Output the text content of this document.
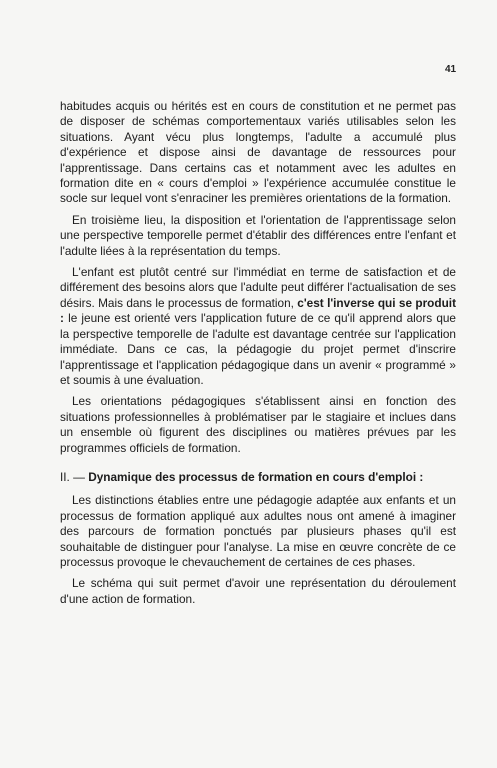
41

habitudes acquis ou hérités est en cours de constitution et ne permet pas de disposer de schémas comportementaux variés utilisables selon les situations. Ayant vécu plus longtemps, l'adulte a accumulé plus d'expérience et dispose ainsi de davantage de ressources pour l'apprentissage. Dans certains cas et notamment avec les adultes en formation dite en « cours d'emploi » l'expérience accumulée constitue le socle sur lequel vont s'enraciner les premières orientations de la formation.

En troisième lieu, la disposition et l'orientation de l'apprentissage selon une perspective temporelle permet d'établir des différences entre l'enfant et l'adulte liées à la représentation du temps.

L'enfant est plutôt centré sur l'immédiat en terme de satisfaction et de différement des besoins alors que l'adulte peut différer l'actualisation de ses désirs. Mais dans le processus de formation, c'est l'inverse qui se produit : le jeune est orienté vers l'application future de ce qu'il apprend alors que la perspective temporelle de l'adulte est davantage centrée sur l'application immédiate. Dans ce cas, la pédagogie du projet permet d'inscrire l'apprentissage et l'application pédagogique dans un avenir « programmé » et soumis à une évaluation.

Les orientations pédagogiques s'établissent ainsi en fonction des situations professionnelles à problématiser par le stagiaire et inclues dans un ensemble où figurent des disciplines ou matières prévues par les programmes officiels de formation.

II. — Dynamique des processus de formation en cours d'emploi :

Les distinctions établies entre une pédagogie adaptée aux enfants et un processus de formation appliqué aux adultes nous ont amené à imaginer des parcours de formation ponctués par plusieurs phases qu'il est souhaitable de distinguer pour l'analyse. La mise en œuvre concrète de ce processus provoque le chevauchement de certaines de ces phases.

Le schéma qui suit permet d'avoir une représentation du déroulement d'une action de formation.
